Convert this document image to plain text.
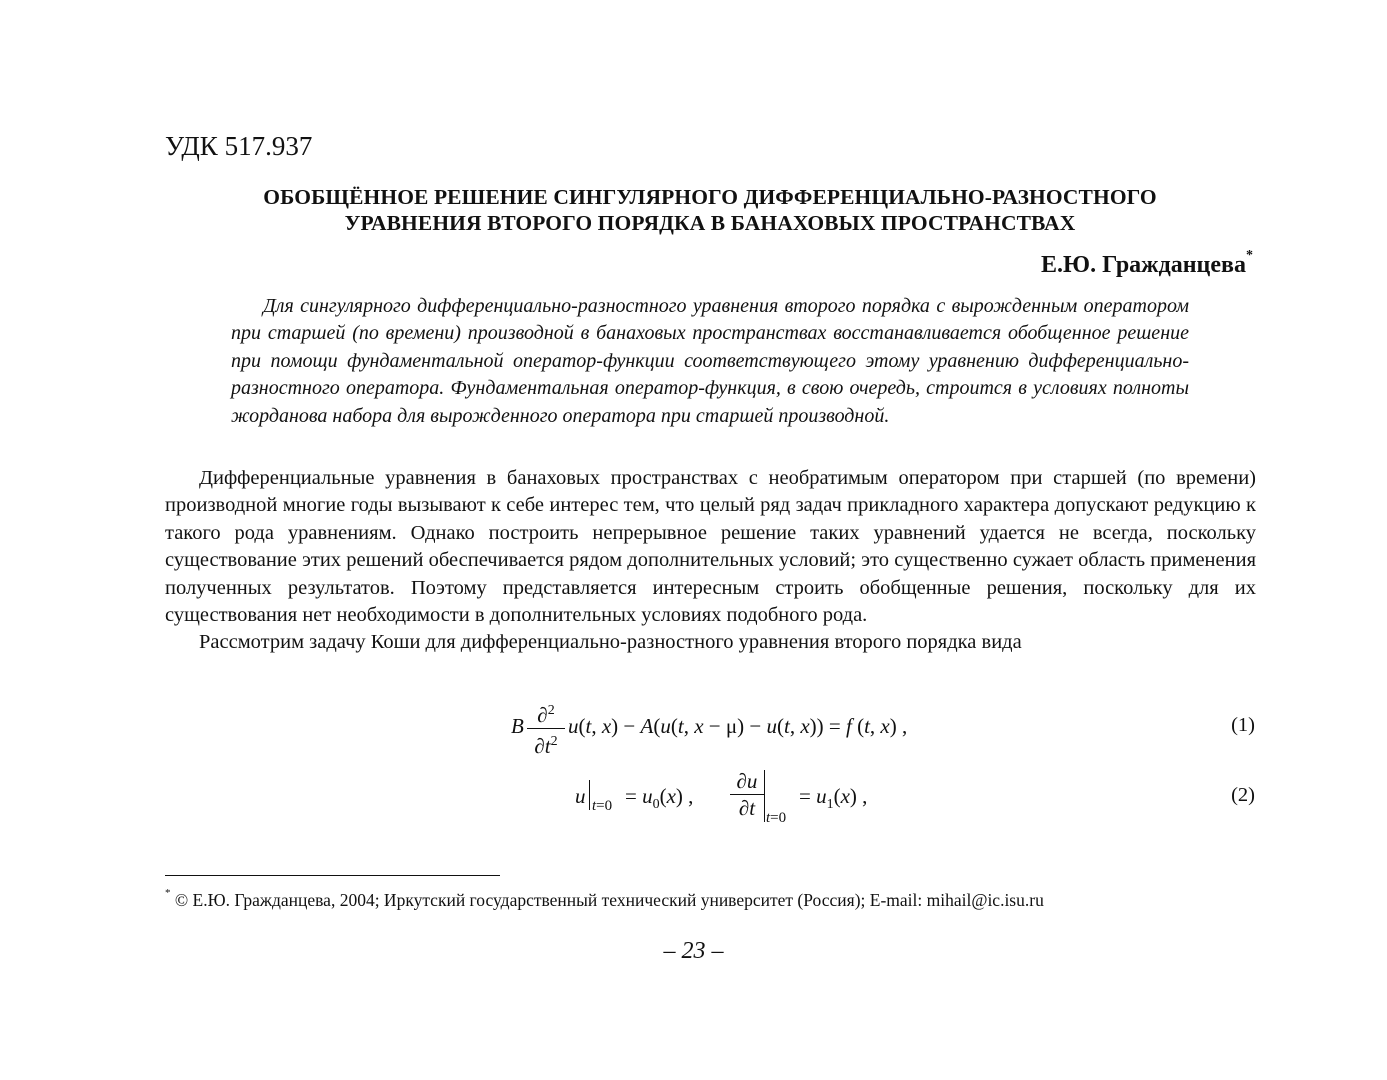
УДК 517.937
ОБОБЩЁННОЕ РЕШЕНИЕ СИНГУЛЯРНОГО ДИФФЕРЕНЦИАЛЬНО-РАЗНОСТНОГО
УРАВНЕНИЯ ВТОРОГО ПОРЯДКА В БАНАХОВЫХ ПРОСТРАНСТВАХ
Е.Ю. Гражданцева*
Для сингулярного дифференциально-разностного уравнения второго порядка с вырожденным оператором при старшей (по времени) производной в банаховых пространствах восстанавливается обобщенное решение при помощи фундаментальной оператор-функции соответствующего этому уравнению дифференциально-разностного оператора. Фундаментальная оператор-функция, в свою очередь, строится в условиях полноты жорданова набора для вырожденного оператора при старшей производной.

Дифференциальные уравнения в банаховых пространствах с необратимым оператором при старшей (по времени) производной многие годы вызывают к себе интерес тем, что целый ряд задач прикладного характера допускают редукцию к такого рода уравнениям. Однако построить непрерывное решение таких уравнений удается не всегда, поскольку существование этих решений обеспечивается рядом дополнительных условий; это существенно сужает область применения полученных результатов. Поэтому представляется интересным строить обобщенные решения, поскольку для их существования нет необходимости в дополнительных условиях подобного рода.

Рассмотрим задачу Коши для дифференциально-разностного уравнения второго порядка вида

B $\frac{\partial^2}{\partial t^2} u(t$, x) − A(u(t, x − μ) − u(t, x)) = f (t, x) ,	(1)
u $t=0 = u_0(x)$ , $\frac{\partial u}{\partial t} t=0$
= $u_1(x)$ ,	(2)
* © Е.Ю. Гражданцева, 2004; Иркутский государственный технический университет (Россия); E-mail: mihail@ic.isu.ru
– 23 –
